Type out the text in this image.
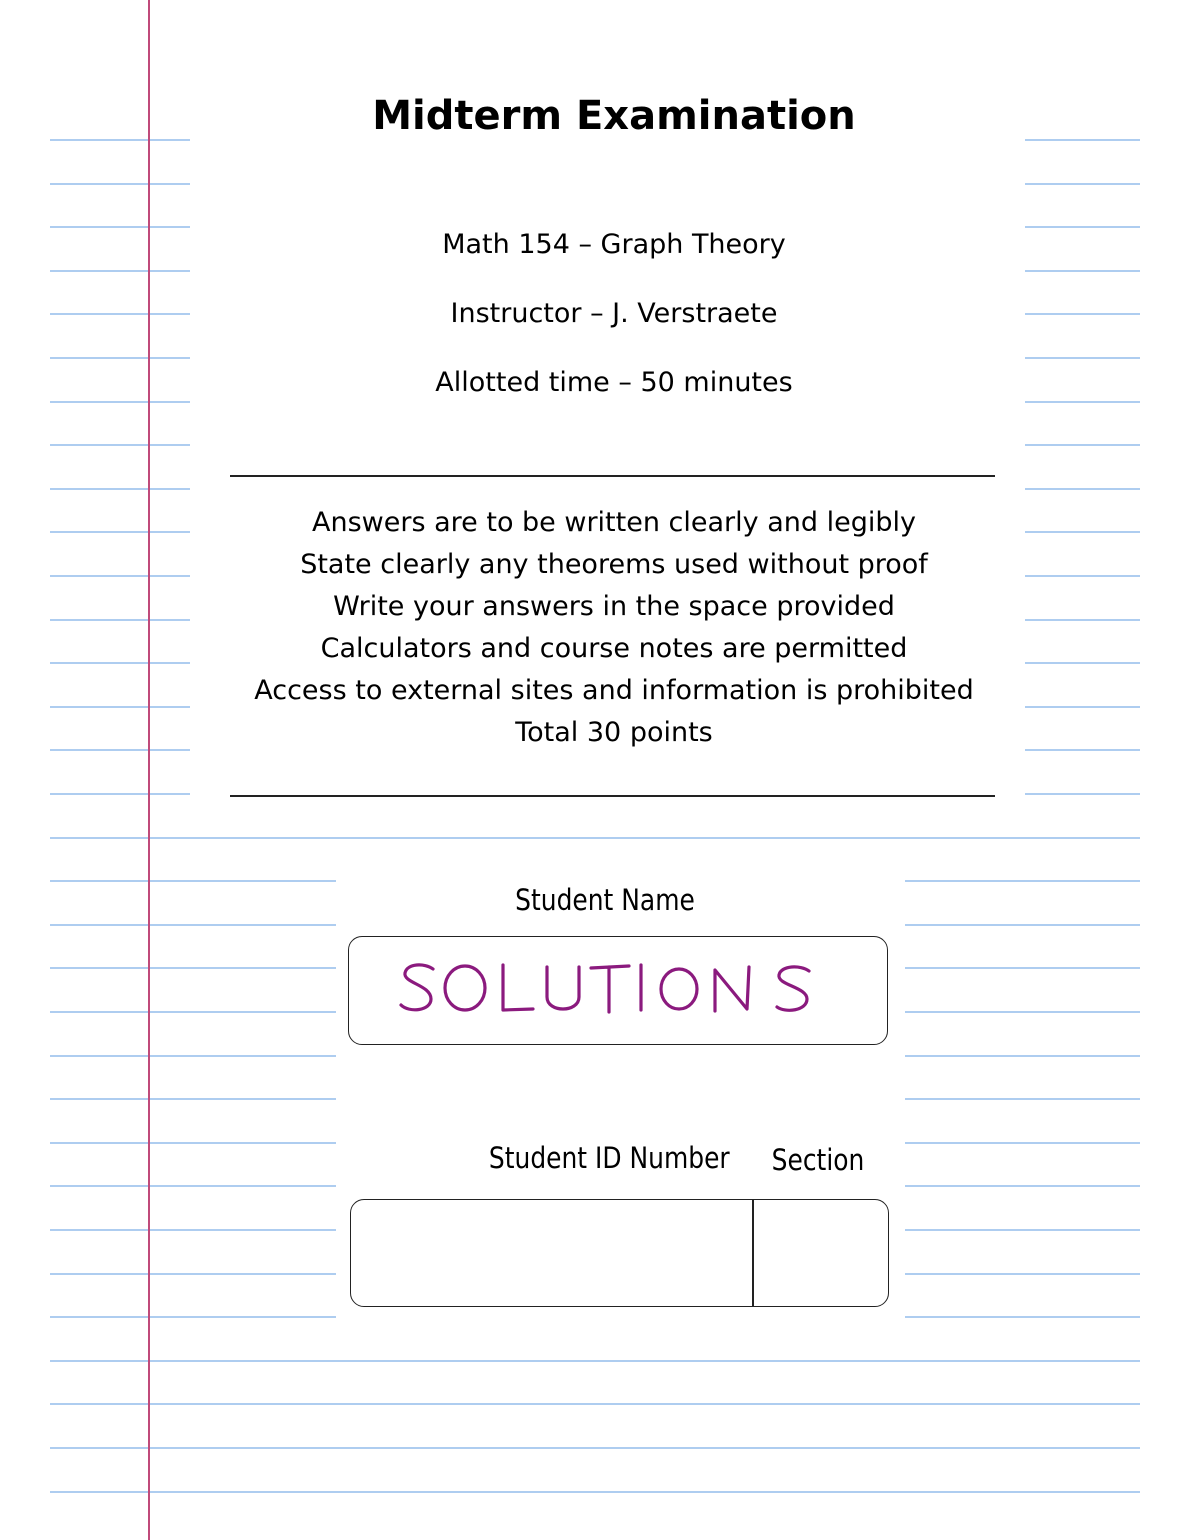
Midterm Examination
Math 154 – Graph Theory
Instructor – J. Verstraete
Allotted time – 50 minutes
Answers are to be written clearly and legibly
State clearly any theorems used without proof
Write your answers in the space provided
Calculators and course notes are permitted
Access to external sites and information is prohibited
Total 30 points
Student Name
Student ID Number Section
